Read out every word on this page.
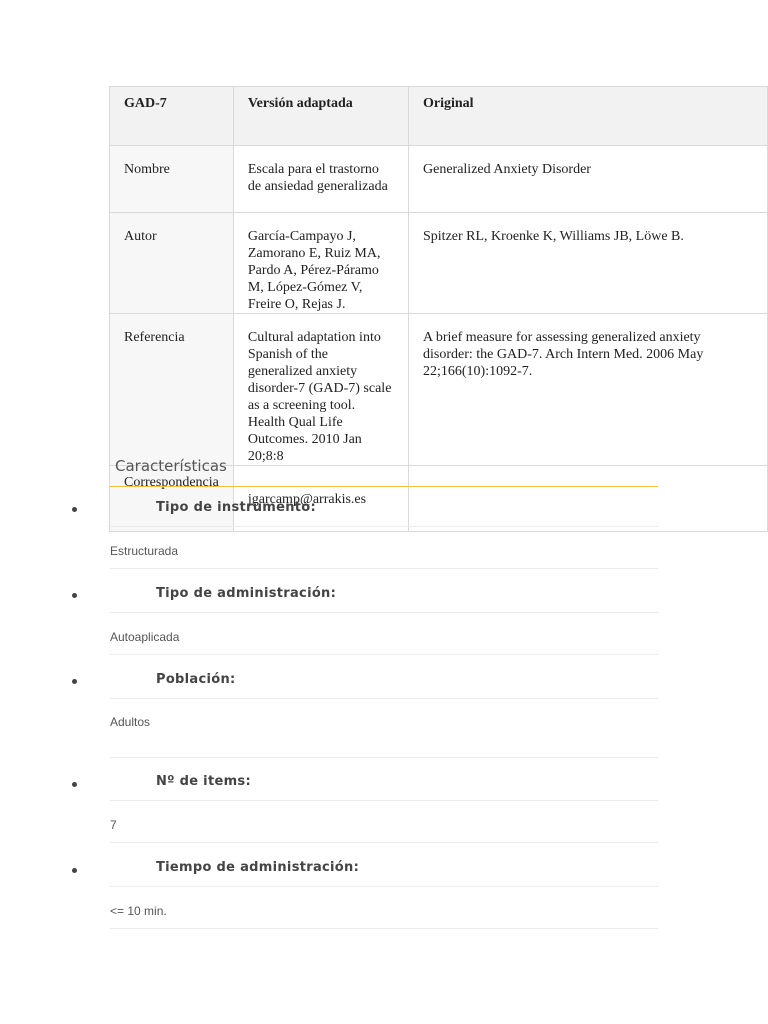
GAD-7	Versión adaptada	Original
Nombre	Escala para el trastorno de ansiedad generalizada	Generalized Anxiety Disorder
Autor	García-Campayo J, Zamorano E, Ruiz MA, Pardo A, Pérez-Páramo M, López-Gómez V, Freire O, Rejas J.	Spitzer RL, Kroenke K, Williams JB, Löwe B.

Referencia	Cultural adaptation into Spanish of the generalized anxiety disorder-7 (GAD-7) scale as a screening tool. Health Qual Life Outcomes. 2010 Jan 20;8:8	A brief measure for assessing generalized anxiety disorder: the GAD-7. Arch Intern Med. 2006 May 22;166(10):1092-7.

Correspondencia	jgarcamp@arrakis.es	
Características
Tipo de instrumento:
Estructurada
Tipo de administración:
Autoaplicada
Población:
Adultos
Nº de items:
7
Tiempo de administración:
<= 10 min.
